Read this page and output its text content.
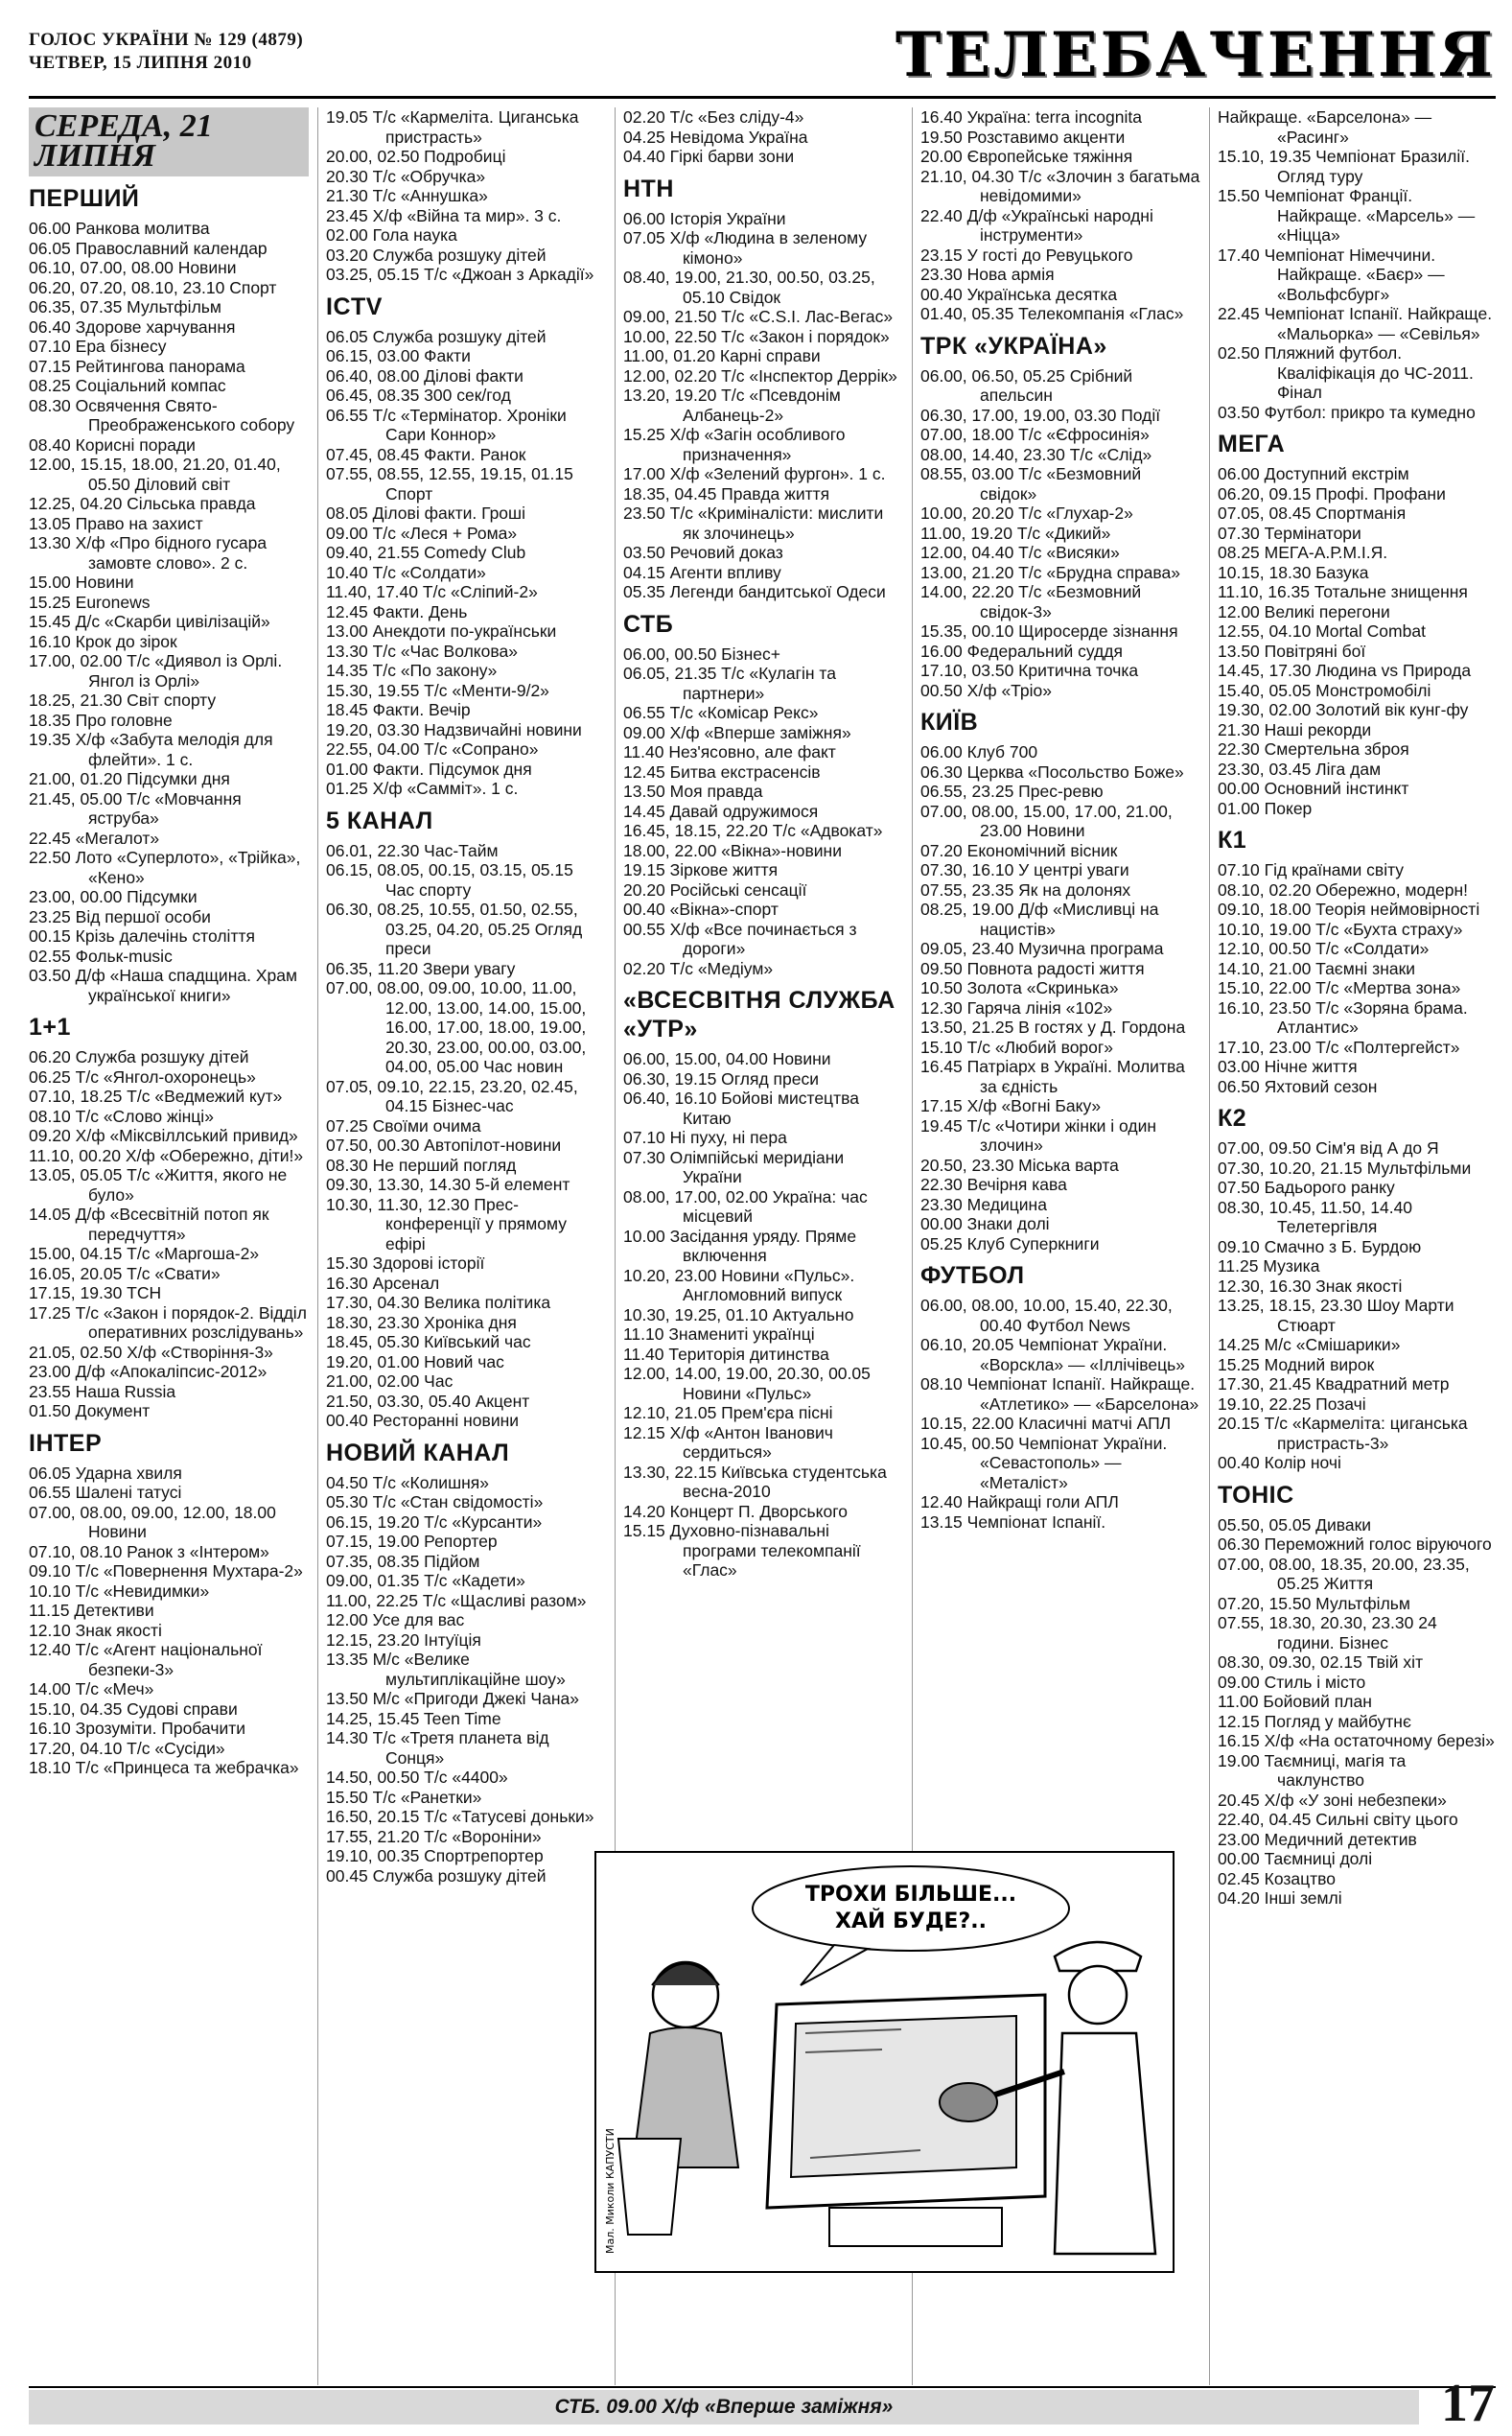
ГОЛОС УКРАЇНИ № 129 (4879)
ЧЕТВЕР, 15 ЛИПНЯ 2010	ТЕЛЕБАЧЕННЯ
СЕРЕДА, 21 ЛИПНЯ
ПЕРШИЙ

06.00 Ранкова молитва

06.05 Православний календар

06.10, 07.00, 08.00 Новини

06.20, 07.20, 08.10, 23.10 Спорт

06.35, 07.35 Мультфільм

06.40 Здорове харчування

07.10 Ера бізнесу

07.15 Рейтингова панорама

08.25 Соціальний компас

08.30 Освячення Свято-Преображенського собору

08.40 Корисні поради

12.00, 15.15, 18.00, 21.20, 01.40, 05.50 Діловий світ

12.25, 04.20 Сільська правда

13.05 Право на захист

13.30 Х/ф «Про бідного гусара замовте слово». 2 с.

15.00 Новини

15.25 Euronews

15.45 Д/с «Скарби цивілізацій»

16.10 Крок до зірок

17.00, 02.00 Т/с «Диявол із Орлі. Янгол із Орлі»

18.25, 21.30 Світ спорту

18.35 Про головне

19.35 Х/ф «Забута мелодія для флейти». 1 с.

21.00, 01.20 Підсумки дня

21.45, 05.00 Т/с «Мовчання яструба»

22.45 «Мегалот»

22.50 Лото «Суперлото», «Трійка», «Кено»

23.00, 00.00 Підсумки

23.25 Від першої особи

00.15 Крізь далечінь століття

02.55 Фольк-music

03.50 Д/ф «Наша спадщина. Храм української книги»

1+1

06.20 Служба розшуку дітей

06.25 Т/с «Янгол-охоронець»

07.10, 18.25 Т/с «Ведмежий кут»

08.10 Т/с «Слово жінці»

09.20 Х/ф «Міксвіллський привид»

11.10, 00.20 Х/ф «Обережно, діти!»

13.05, 05.05 Т/с «Життя, якого не було»

14.05 Д/ф «Всесвітній потоп як передчуття»

15.00, 04.15 Т/с «Маргоша-2»

16.05, 20.05 Т/с «Свати»

17.15, 19.30 ТСН

17.25 Т/с «Закон і порядок-2. Відділ оперативних розслідувань»

21.05, 02.50 Х/ф «Створіння-3»

23.00 Д/ф «Апокаліпсис-2012»

23.55 Наша Russia

01.50 Документ

ІНТЕР

06.05 Ударна хвиля

06.55 Шалені татусі

07.00, 08.00, 09.00, 12.00, 18.00 Новини

07.10, 08.10 Ранок з «Інтером»

09.10 Т/с «Повернення Мухтара-2»

10.10 Т/с «Невидимки»

11.15 Детективи

12.10 Знак якості

12.40 Т/с «Агент національної безпеки-3»

14.00 Т/с «Меч»

15.10, 04.35 Судові справи

16.10 Зрозуміти. Пробачити

17.20, 04.10 Т/с «Сусіди»

18.10 Т/с «Принцеса та жебрачка»

19.05 Т/с «Кармеліта. Циганська пристрасть»

20.00, 02.50 Подробиці

20.30 Т/с «Обручка»

21.30 Т/с «Аннушка»

23.45 Х/ф «Війна та мир». 3 с.

02.00 Гола наука

03.20 Служба розшуку дітей

03.25, 05.15 Т/с «Джоан з Аркадії»

ICTV

06.05 Служба розшуку дітей

06.15, 03.00 Факти

06.40, 08.00 Ділові факти

06.45, 08.35 300 сек/год

06.55 Т/с «Термінатор. Хроніки Сари Коннор»

07.45, 08.45 Факти. Ранок

07.55, 08.55, 12.55, 19.15, 01.15 Спорт

08.05 Ділові факти. Гроші

09.00 Т/с «Леся + Рома»

09.40, 21.55 Comedy Club

10.40 Т/с «Солдати»

11.40, 17.40 Т/с «Сліпий-2»

12.45 Факти. День

13.00 Анекдоти по-українськи

13.30 Т/с «Час Волкова»

14.35 Т/с «По закону»

15.30, 19.55 Т/с «Менти-9/2»

18.45 Факти. Вечір

19.20, 03.30 Надзвичайні новини

22.55, 04.00 Т/с «Сопрано»

01.00 Факти. Підсумок дня

01.25 Х/ф «Самміт». 1 с.

5 КАНАЛ

06.01, 22.30 Час-Тайм

06.15, 08.05, 00.15, 03.15, 05.15 Час спорту

06.30, 08.25, 10.55, 01.50, 02.55, 03.25, 04.20, 05.25 Огляд преси

06.35, 11.20 Звери увагу

07.00, 08.00, 09.00, 10.00, 11.00, 12.00, 13.00, 14.00, 15.00, 16.00, 17.00, 18.00, 19.00, 20.30, 23.00, 00.00, 03.00, 04.00, 05.00 Час новин

07.05, 09.10, 22.15, 23.20, 02.45, 04.15 Бізнес-час

07.25 Своїми очима

07.50, 00.30 Автопілот-новини

08.30 Не перший погляд

09.30, 13.30, 14.30 5-й елемент

10.30, 11.30, 12.30 Прес-конференції у прямому ефірі

15.30 Здорові історії

16.30 Арсенал

17.30, 04.30 Велика політика

18.30, 23.30 Хроніка дня

18.45, 05.30 Київський час

19.20, 01.00 Новий час

21.00, 02.00 Час

21.50, 03.30, 05.40 Акцент

00.40 Ресторанні новини

НОВИЙ КАНАЛ

04.50 Т/с «Колишня»

05.30 Т/с «Стан свідомості»

06.15, 19.20 Т/с «Курсанти»

07.15, 19.00 Репортер

07.35, 08.35 Підйом

09.00, 01.35 Т/с «Кадети»

11.00, 22.25 Т/с «Щасливі разом»

12.00 Усе для вас

12.15, 23.20 Інтуїція

13.35 М/с «Велике мультиплікаційне шоу»

13.50 М/с «Пригоди Джекі Чана»

14.25, 15.45 Teen Time

14.30 Т/с «Третя планета від Сонця»

14.50, 00.50 Т/с «4400»

15.50 Т/с «Ранетки»

16.50, 20.15 Т/с «Татусеві доньки»

17.55, 21.20 Т/с «Вороніни»

19.10, 00.35 Спортрепортер

00.45 Служба розшуку дітей

02.20 Т/с «Без сліду-4»

04.25 Невідома Україна

04.40 Гіркі барви зони

НТН

06.00 Історія України

07.05 Х/ф «Людина в зеленому кімоно»

08.40, 19.00, 21.30, 00.50, 03.25, 05.10 Свідок

09.00, 21.50 Т/с «C.S.I. Лас-Вегас»

10.00, 22.50 Т/с «Закон і порядок»

11.00, 01.20 Карні справи

12.00, 02.20 Т/с «Інспектор Деррік»

13.20, 19.20 Т/с «Псевдонім Албанець-2»

15.25 Х/ф «Загін особливого призначення»

17.00 Х/ф «Зелений фургон». 1 с.

18.35, 04.45 Правда життя

23.50 Т/с «Криміналісти: мислити як злочинець»

03.50 Речовий доказ

04.15 Агенти впливу

05.35 Легенди бандитської Одеси

СТБ

06.00, 00.50 Бізнес+

06.05, 21.35 Т/с «Кулагін та партнери»

06.55 Т/с «Комісар Рекс»

09.00 Х/ф «Вперше заміжня»

11.40 Нез'ясовно, але факт

12.45 Битва екстрасенсів

13.50 Моя правда

14.45 Давай одружимося

16.45, 18.15, 22.20 Т/с «Адвокат»

18.00, 22.00 «Вікна»-новини

19.15 Зіркове життя

20.20 Російські сенсації

00.40 «Вікна»-спорт

00.55 Х/ф «Все починається з дороги»

02.20 Т/с «Медіум»

«ВСЕСВІТНЯ СЛУЖБА «УТР»

06.00, 15.00, 04.00 Новини

06.30, 19.15 Огляд преси

06.40, 16.10 Бойові мистецтва Китаю

07.10 Ні пуху, ні пера

07.30 Олімпійські меридіани України

08.00, 17.00, 02.00 Україна: час місцевий

10.00 Засідання уряду. Пряме включення

10.20, 23.00 Новини «Пульс». Англомовний випуск

10.30, 19.25, 01.10 Актуально

11.10 Знамениті українці

11.40 Територія дитинства

12.00, 14.00, 19.00, 20.30, 00.05 Новини «Пульс»

12.10, 21.05 Прем'єра пісні

12.15 Х/ф «Антон Іванович сердиться»

13.30, 22.15 Київська студентська весна-2010

14.20 Концерт П. Дворського

15.15 Духовно-пізнавальні програми телекомпанії «Глас»

16.40 Україна: terra incognita

19.50 Розставимо акценти

20.00 Європейське тяжіння

21.10, 04.30 Т/с «Злочин з багатьма невідомими»

22.40 Д/ф «Українські народні інструменти»

23.15 У гості до Ревуцького

23.30 Нова армія

00.40 Українська десятка

01.40, 05.35 Телекомпанія «Глас»

ТРК «УКРАЇНА»

06.00, 06.50, 05.25 Срібний апельсин

06.30, 17.00, 19.00, 03.30 Події

07.00, 18.00 Т/с «Єфросинія»

08.00, 14.40, 23.30 Т/с «Слід»

08.55, 03.00 Т/с «Безмовний свідок»

10.00, 20.20 Т/с «Глухар-2»

11.00, 19.20 Т/с «Дикий»

12.00, 04.40 Т/с «Висяки»

13.00, 21.20 Т/с «Брудна справа»

14.00, 22.20 Т/с «Безмовний свідок-3»

15.35, 00.10 Щиросерде зізнання

16.00 Федеральний суддя

17.10, 03.50 Критична точка

00.50 Х/ф «Тріо»

КИЇВ

06.00 Клуб 700

06.30 Церква «Посольство Боже»

06.55, 23.25 Прес-ревю

07.00, 08.00, 15.00, 17.00, 21.00, 23.00 Новини

07.20 Економічний вісник

07.30, 16.10 У центрі уваги

07.55, 23.35 Як на долонях

08.25, 19.00 Д/ф «Мисливці на нацистів»

09.05, 23.40 Музична програма

09.50 Повнота радості життя

10.50 Золота «Скринька»

12.30 Гаряча лінія «102»

13.50, 21.25 В гостях у Д. Гордона

15.10 Т/с «Любий ворог»

16.45 Патріарх в Україні. Молитва за єдність

17.15 Х/ф «Вогні Баку»

19.45 Т/с «Чотири жінки і один злочин»

20.50, 23.30 Міська варта

22.30 Вечірня кава

23.30 Медицина

00.00 Знаки долі

05.25 Клуб Суперкниги

ФУТБОЛ

06.00, 08.00, 10.00, 15.40, 22.30, 00.40 Футбол News

06.10, 20.05 Чемпіонат України. «Ворскла» — «Іллічівець»

08.10 Чемпіонат Іспанії. Найкраще. «Атлетико» — «Барселона»

10.15, 22.00 Класичні матчі АПЛ

10.45, 00.50 Чемпіонат України. «Севастополь» — «Металіст»

12.40 Найкращі голи АПЛ

13.15 Чемпіонат Іспанії.

Найкраще. «Барселона» — «Расинг»

15.10, 19.35 Чемпіонат Бразилії. Огляд туру

15.50 Чемпіонат Франції. Найкраще. «Марсель» — «Ніцца»

17.40 Чемпіонат Німеччини. Найкраще. «Баєр» — «Вольфсбург»

22.45 Чемпіонат Іспанії. Найкраще. «Мальорка» — «Севілья»

02.50 Пляжний футбол. Кваліфікація до ЧС-2011. Фінал

03.50 Футбол: прикро та кумедно

МЕГА

06.00 Доступний екстрім

06.20, 09.15 Профі. Профани

07.05, 08.45 Спортманія

07.30 Термінатори

08.25 МЕГА-А.Р.М.І.Я.

10.15, 18.30 Базука

11.10, 16.35 Тотальне знищення

12.00 Великі перегони

12.55, 04.10 Mortal Combat

13.50 Повітряні бої

14.45, 17.30 Людина vs Природа

15.40, 05.05 Монстромобілі

19.30, 02.00 Золотий вік кунг-фу

21.30 Наші рекорди

22.30 Смертельна зброя

23.30, 03.45 Ліга дам

00.00 Основний інстинкт

01.00 Покер

К1

07.10 Гід країнами світу

08.10, 02.20 Обережно, модерн!

09.10, 18.00 Теорія неймовірності

10.10, 19.00 Т/с «Бухта страху»

12.10, 00.50 Т/с «Солдати»

14.10, 21.00 Таємні знаки

15.10, 22.00 Т/с «Мертва зона»

16.10, 23.50 Т/с «Зоряна брама. Атлантис»

17.10, 23.00 Т/с «Полтергейст»

03.00 Нічне життя

06.50 Яхтовий сезон

К2

07.00, 09.50 Сім'я від А до Я

07.30, 10.20, 21.15 Мультфільми

07.50 Бадьорого ранку

08.30, 10.45, 11.50, 14.40 Телетергівля

09.10 Смачно з Б. Бурдою

11.25 Музика

12.30, 16.30 Знак якості

13.25, 18.15, 23.30 Шоу Марти Стюарт

14.25 М/с «Смішарики»

15.25 Модний вирок

17.30, 21.45 Квадратний метр

19.10, 22.25 Позачі

20.15 Т/с «Кармеліта: циганська пристрасть-3»

00.40 Колір ночі

ТОНІС

05.50, 05.05 Диваки

06.30 Переможний голос віруючого

07.00, 08.00, 18.35, 20.00, 23.35, 05.25 Життя

07.20, 15.50 Мультфільм

07.55, 18.30, 20.30, 23.30 24 години. Бізнес

08.30, 09.30, 02.15 Твій хіт

09.00 Стиль і місто

11.00 Бойовий план

12.15 Погляд у майбутнє

16.15 Х/ф «На остаточному березі»

19.00 Таємниці, магія та чаклунство

20.45 Х/ф «У зоні небезпеки»

22.40, 04.45 Сильні світу цього

23.00 Медичний детектив

00.00 Таємниці долі

02.45 Козацтво

04.20 Інші землі

ТРОХИ БІЛЬШЕ...
ХАЙ БУДЕ?..
Мал. Миколи КАПУСТИ
СТБ. 09.00 Х/ф «Вперше заміжня»	17
